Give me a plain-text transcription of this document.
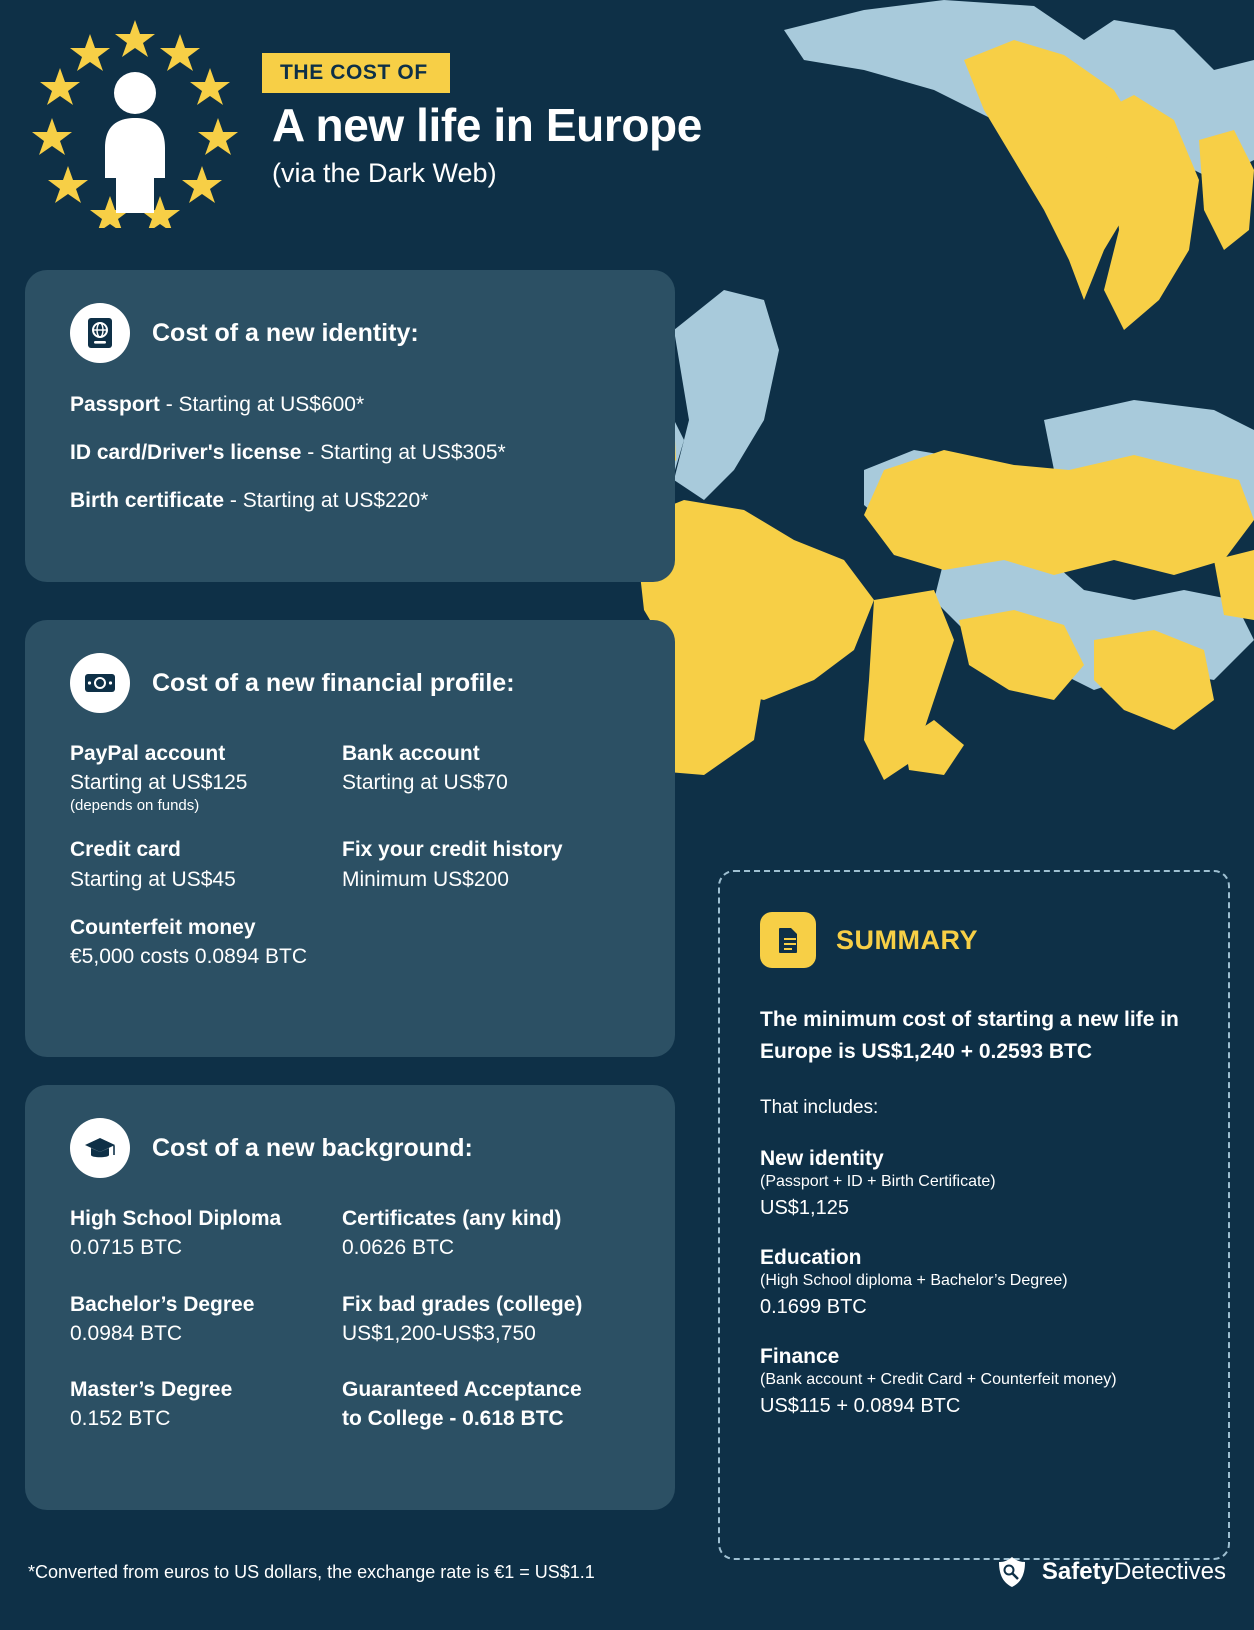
THE COST OF
A new life in Europe
(via the Dark Web)
Cost of a new identity:
Passport - Starting at US$600*
ID card/Driver's license - Starting at US$305*
Birth certificate - Starting at US$220*
Cost of a new financial profile:
PayPal account
Starting at US$125
(depends on funds)
Bank account
Starting at US$70
Credit card
Starting at US$45
Fix your credit history
Minimum US$200
Counterfeit money
€5,000 costs 0.0894 BTC
Cost of a new background:
High School Diploma
0.0715 BTC
Certificates (any kind)
0.0626 BTC
Bachelor’s Degree
0.0984 BTC
Fix bad grades (college)
US$1,200-US$3,750
Master’s Degree
0.152 BTC
Guaranteed Acceptance
to College - 0.618 BTC
SUMMARY
The minimum cost of starting a new life in Europe is US$1,240 + 0.2593 BTC
That includes:
New identity
(Passport + ID + Birth Certificate)
US$1,125
Education
(High School diploma + Bachelor’s Degree)
0.1699 BTC
Finance
(Bank account + Credit Card + Counterfeit money)
US$115 + 0.0894 BTC
*Converted from euros to US dollars, the exchange rate is €1 = US$1.1	SafetyDetectives
